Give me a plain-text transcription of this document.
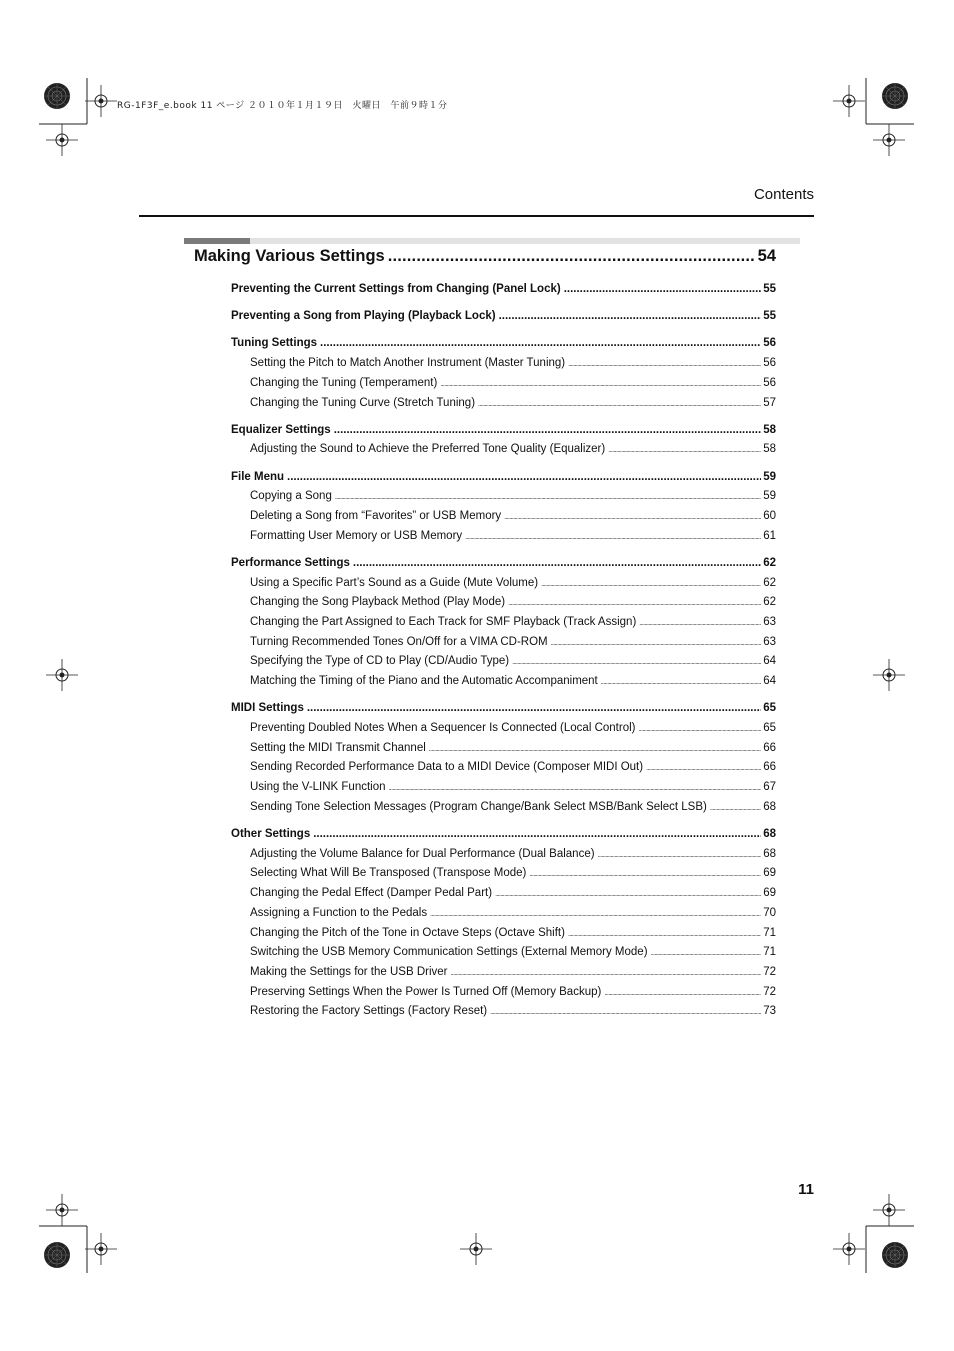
RG-1F3F_e.book 11 ページ ２０１０年１月１９日　火曜日　午前９時１分
Contents
Making Various Settings . . .	54
Preventing the Current Settings from Changing (Panel Lock) . . .	55
Preventing a Song from Playing (Playback Lock) . . .	55
Tuning Settings . . .	56
Setting the Pitch to Match Another Instrument (Master Tuning) . . .	56
Changing the Tuning (Temperament) . . .	56
Changing the Tuning Curve (Stretch Tuning) . . .	57
Equalizer Settings . . .	58
Adjusting the Sound to Achieve the Preferred Tone Quality (Equalizer) . . .	58
File Menu . . .	59
Copying a Song . . .	59
Deleting a Song from “Favorites” or USB Memory . . .	60
Formatting User Memory or USB Memory . . .	61
Performance Settings . . .	62
Using a Specific Part’s Sound as a Guide (Mute Volume) . . .	62
Changing the Song Playback Method (Play Mode) . . .	62
Changing the Part Assigned to Each Track for SMF Playback (Track Assign) . . .	63
Turning Recommended Tones On/Off for a VIMA CD-ROM . . .	63
Specifying the Type of CD to Play (CD/Audio Type) . . .	64
Matching the Timing of the Piano and the Automatic Accompaniment . . .	64
MIDI Settings . . .	65
Preventing Doubled Notes When a Sequencer Is Connected (Local Control) . . .	65
Setting the MIDI Transmit Channel . . .	66
Sending Recorded Performance Data to a MIDI Device (Composer MIDI Out) . . .	66
Using the V-LINK Function . . .	67
Sending Tone Selection Messages (Program Change/Bank Select MSB/Bank Select LSB) . . .	68
Other Settings . . .	68
Adjusting the Volume Balance for Dual Performance (Dual Balance) . . .	68
Selecting What Will Be Transposed (Transpose Mode) . . .	69
Changing the Pedal Effect (Damper Pedal Part) . . .	69
Assigning a Function to the Pedals . . .	70
Changing the Pitch of the Tone in Octave Steps (Octave Shift) . . .	71
Switching the USB Memory Communication Settings (External Memory Mode) . . .	71
Making the Settings for the USB Driver . . .	72
Preserving Settings When the Power Is Turned Off (Memory Backup) . . .	72
Restoring the Factory Settings (Factory Reset) . . .	73
11
